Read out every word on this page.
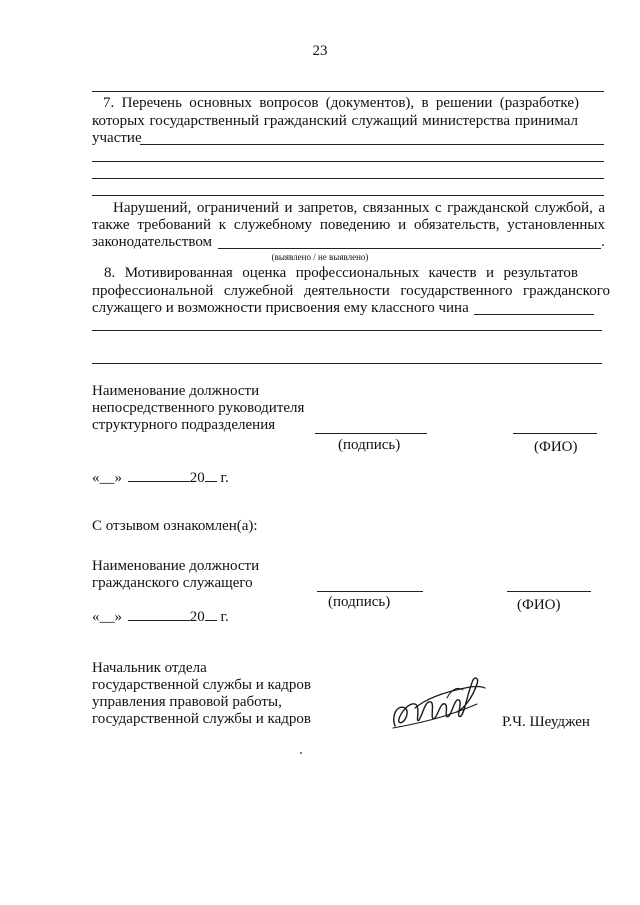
23
7. Перечень основных вопросов (документов), в решении (разработке)
которых государственный гражданский служащий министерства принимал
участие
Нарушений, ограничений и запретов, связанных с гражданской службой, а
также требований к служебному поведению и обязательств, установленных
законодательством	.
(выявлено / не выявлено)
8. Мотивированная оценка профессиональных качеств и результатов
профессиональной служебной деятельности государственного гражданского
служащего и возможности присвоения ему классного чина
Наименование должности
непосредственного руководителя
структурного подразделения
(подпись)	(ФИО)
«__»	20 г.
С отзывом ознакомлен(а):
Наименование должности
гражданского служащего
(подпись)	(ФИО)
«__»	20 г.
Начальник отдела
государственной службы и кадров
управления правовой работы,
государственной службы и кадров	Р.Ч. Шеуджен
